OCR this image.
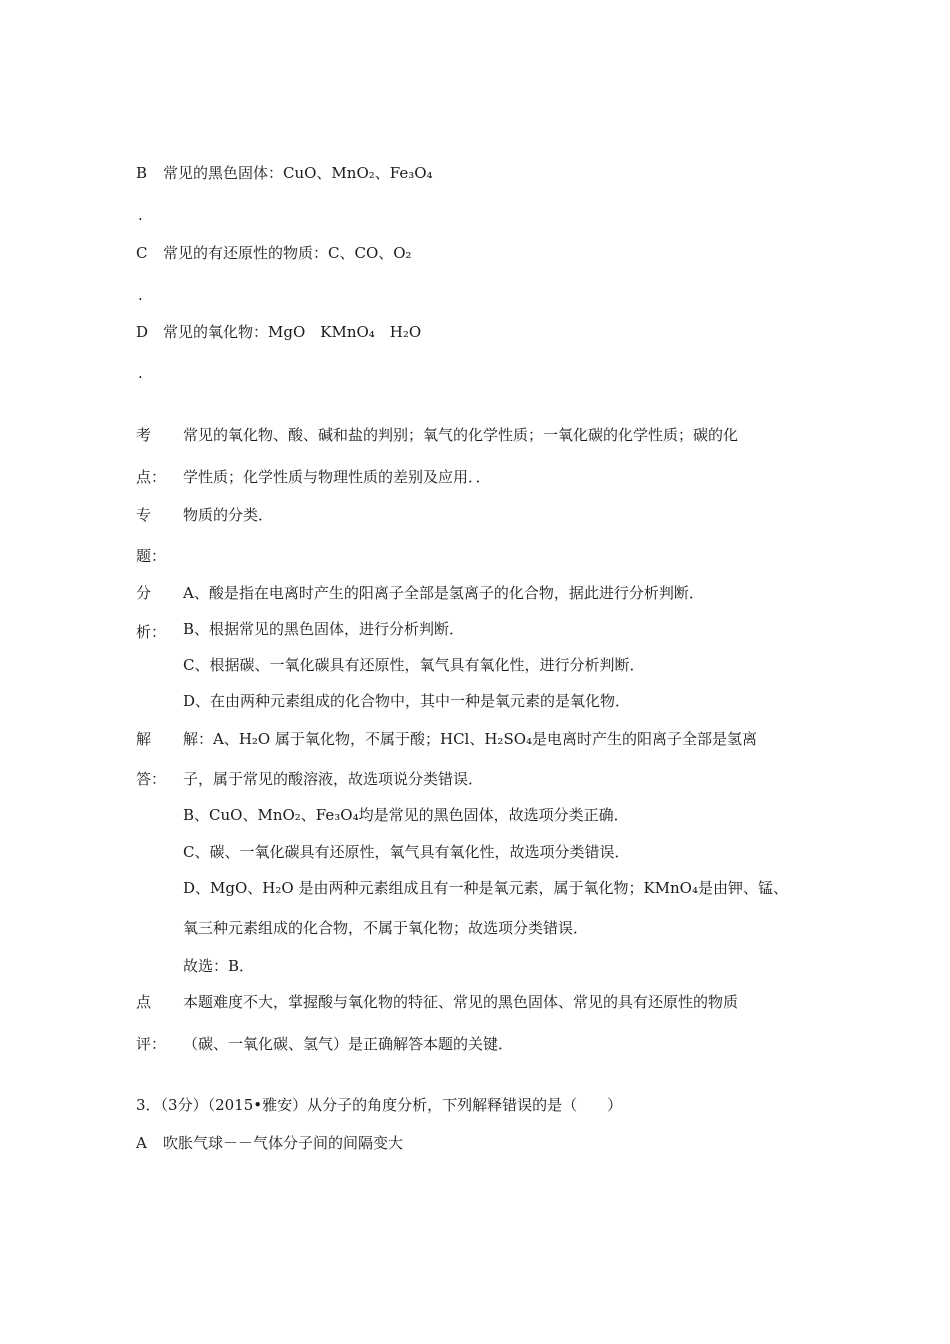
B 常见的黑色固体：CuO、MnO₂、Fe₃O₄
.
C 常见的有还原性的物质：C、CO、O₂
.
D 常见的氧化物：MgO　KMnO₄　H₂O
.
考
点：
常见的氧化物、酸、碱和盐的判别；氧气的化学性质；一氧化碳的化学性质；碳的化
学性质；化学性质与物理性质的差别及应用．．
专
题：
物质的分类．
分
析：
A、酸是指在电离时产生的阳离子全部是氢离子的化合物，据此进行分析判断．
B、根据常见的黑色固体，进行分析判断．
C、根据碳、一氧化碳具有还原性，氧气具有氧化性，进行分析判断．
D、在由两种元素组成的化合物中，其中一种是氧元素的是氧化物．
解
答：
解：A、H₂O 属于氧化物，不属于酸；HCl、H₂SO₄是电离时产生的阳离子全部是氢离
子，属于常见的酸溶液，故选项说分类错误．
B、CuO、MnO₂、Fe₃O₄均是常见的黑色固体，故选项分类正确．
C、碳、一氧化碳具有还原性，氧气具有氧化性，故选项分类错误．
D、MgO、H₂O 是由两种元素组成且有一种是氧元素，属于氧化物；KMnO₄是由钾、锰、
氧三种元素组成的化合物，不属于氧化物；故选项分类错误．
故选：B．
点
评：
本题难度不大，掌握酸与氧化物的特征、常见的黑色固体、常见的具有还原性的物质
（碳、一氧化碳、氢气）是正确解答本题的关键．
3．（3分）（2015•雅安）从分子的角度分析，下列解释错误的是（　　）
A 吹胀气球－－气体分子间的间隔变大
